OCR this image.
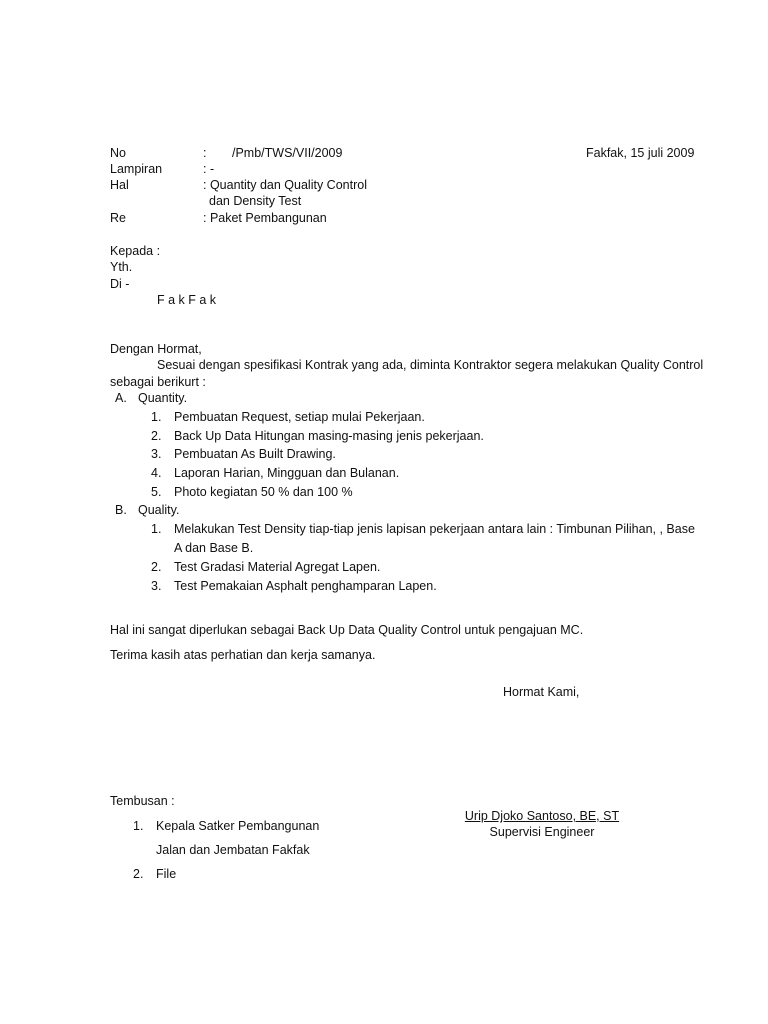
No	: /Pmb/TWS/VII/2009	Fakfak, 15 juli 2009
Lampiran	: -
Hal	: Quantity dan Quality Control
dan Density Test
Re	: Paket Pembangunan
Kepada :
Yth.
Di -
F a k F a k
Dengan Hormat,
Sesuai dengan spesifikasi Kontrak yang ada, diminta Kontraktor segera melakukan Quality Control
sebagai berikurt :
A. Quantity.
1. Pembuatan Request, setiap mulai Pekerjaan.
2. Back Up Data Hitungan masing-masing jenis pekerjaan.
3. Pembuatan As Built Drawing.
4. Laporan Harian, Mingguan dan Bulanan.
5. Photo kegiatan 50 % dan 100 %
B. Quality.
1. Melakukan Test Density tiap-tiap jenis lapisan pekerjaan antara lain : Timbunan Pilihan, , Base
A dan Base B.
2. Test Gradasi Material Agregat Lapen.
3. Test Pemakaian Asphalt penghamparan Lapen.
Hal ini sangat diperlukan sebagai Back Up Data Quality Control untuk pengajuan MC.
Terima kasih atas perhatian dan kerja samanya.
Hormat Kami,
Urip Djoko Santoso, BE, ST
Supervisi Engineer
Tembusan :
1. Kepala Satker Pembangunan
Jalan dan Jembatan Fakfak
2. File
